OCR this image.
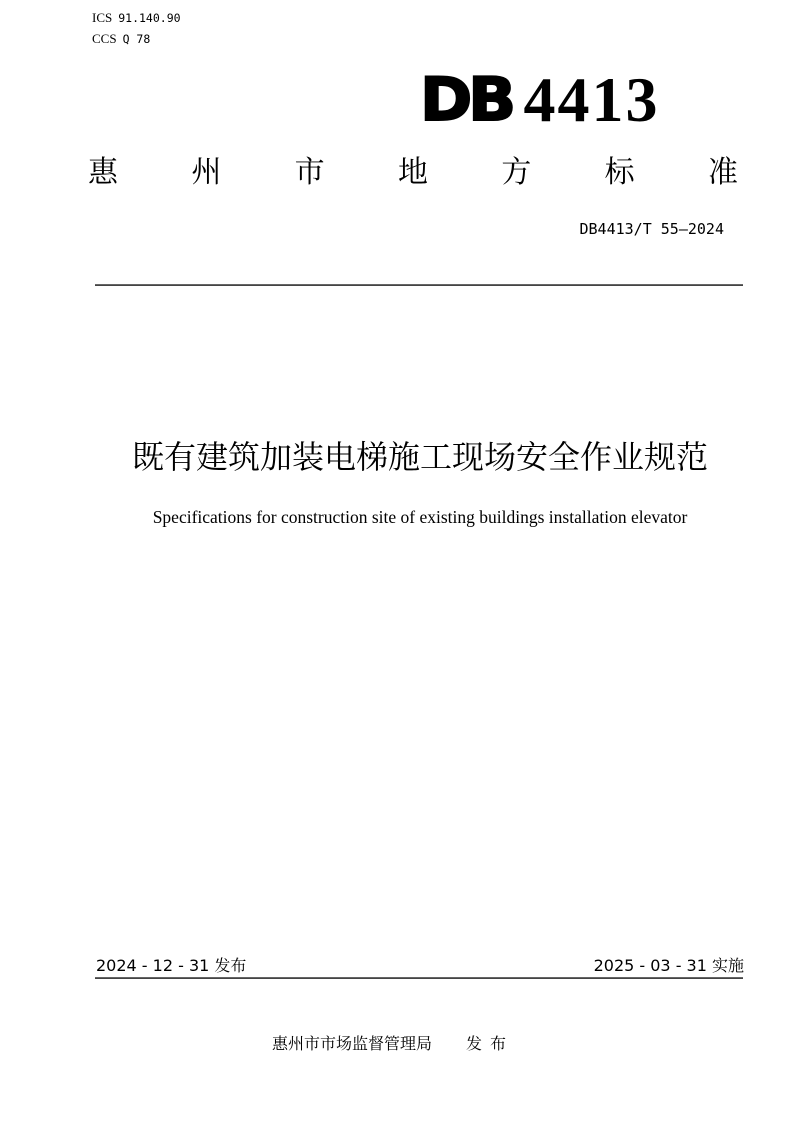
ICS 91.140.90
CCS Q 78
DB 4413
惠 州 市 地 方 标 准
DB4413/T 55—2024
既有建筑加装电梯施工现场安全作业规范
Specifications for construction site of existing buildings installation elevator
2024 - 12 - 31 发布	2025 - 03 - 31 实施
惠州市市场监督管理局 发布
